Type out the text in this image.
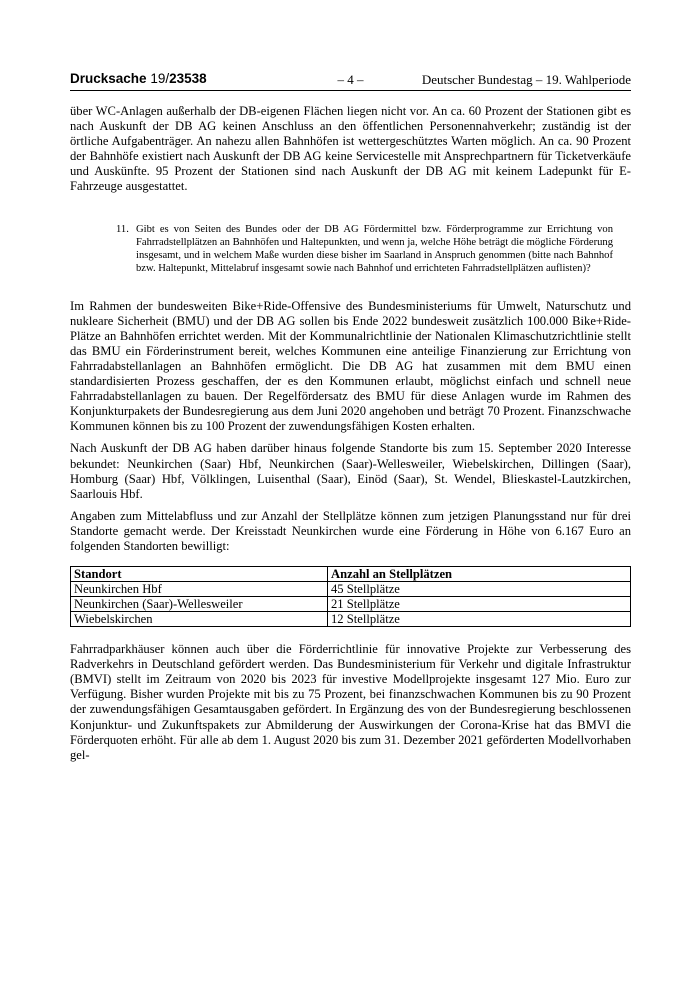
Drucksache 19/23538	– 4 –	Deutscher Bundestag – 19. Wahlperiode

über WC-Anlagen außerhalb der DB-eigenen Flächen liegen nicht vor. An ca. 60 Prozent der Stationen gibt es nach Auskunft der DB AG keinen Anschluss an den öffentlichen Personennahverkehr; zuständig ist der örtliche Aufgabenträger. An nahezu allen Bahnhöfen ist wettergeschütztes Warten möglich. An ca. 90 Prozent der Bahnhöfe existiert nach Auskunft der DB AG keine Servicestelle mit Ansprechpartnern für Ticketverkäufe und Auskünfte. 95 Prozent der Stationen sind nach Auskunft der DB AG mit keinem Ladepunkt für E-Fahrzeuge ausgestattet.

11. Gibt es von Seiten des Bundes oder der DB AG Fördermittel bzw. Förderprogramme zur Errichtung von Fahrradstellplätzen an Bahnhöfen und Haltepunkten, und wenn ja, welche Höhe beträgt die mögliche Förderung insgesamt, und in welchem Maße wurden diese bisher im Saarland in Anspruch genommen (bitte nach Bahnhof bzw. Haltepunkt, Mittelabruf insgesamt sowie nach Bahnhof und errichteten Fahrradstellplätzen auflisten)?

Im Rahmen der bundesweiten Bike+Ride-Offensive des Bundesministeriums für Umwelt, Naturschutz und nukleare Sicherheit (BMU) und der DB AG sollen bis Ende 2022 bundesweit zusätzlich 100.000 Bike+Ride-Plätze an Bahnhöfen errichtet werden. Mit der Kommunalrichtlinie der Nationalen Klimaschutzrichtlinie stellt das BMU ein Förderinstrument bereit, welches Kommunen eine anteilige Finanzierung zur Errichtung von Fahrradabstellanlagen an Bahnhöfen ermöglicht. Die DB AG hat zusammen mit dem BMU einen standardisierten Prozess geschaffen, der es den Kommunen erlaubt, möglichst einfach und schnell neue Fahrradabstellanlagen zu bauen. Der Regelfördersatz des BMU für diese Anlagen wurde im Rahmen des Konjunkturpakets der Bundesregierung aus dem Juni 2020 angehoben und beträgt 70 Prozent. Finanzschwache Kommunen können bis zu 100 Prozent der zuwendungsfähigen Kosten erhalten.

Nach Auskunft der DB AG haben darüber hinaus folgende Standorte bis zum 15. September 2020 Interesse bekundet: Neunkirchen (Saar) Hbf, Neunkirchen (Saar)-Wellesweiler, Wiebelskirchen, Dillingen (Saar), Homburg (Saar) Hbf, Völklingen, Luisenthal (Saar), Einöd (Saar), St. Wendel, Blieskastel-Lautzkirchen, Saarlouis Hbf.

Angaben zum Mittelabfluss und zur Anzahl der Stellplätze können zum jetzigen Planungsstand nur für drei Standorte gemacht werde. Der Kreisstadt Neunkirchen wurde eine Förderung in Höhe von 6.167 Euro an folgenden Standorten bewilligt:

Standort	Anzahl an Stellplätzen
Neunkirchen Hbf	45 Stellplätze
Neunkirchen (Saar)-Wellesweiler	21 Stellplätze
Wiebelskirchen	12 Stellplätze

Fahrradparkhäuser können auch über die Förderrichtlinie für innovative Projekte zur Verbesserung des Radverkehrs in Deutschland gefördert werden. Das Bundesministerium für Verkehr und digitale Infrastruktur (BMVI) stellt im Zeitraum von 2020 bis 2023 für investive Modellprojekte insgesamt 127 Mio. Euro zur Verfügung. Bisher wurden Projekte mit bis zu 75 Prozent, bei finanzschwachen Kommunen bis zu 90 Prozent der zuwendungsfähigen Gesamtausgaben gefördert. In Ergänzung des von der Bundesregierung beschlossenen Konjunktur- und Zukunftspakets zur Abmilderung der Auswirkungen der Corona-Krise hat das BMVI die Förderquoten erhöht. Für alle ab dem 1. August 2020 bis zum 31. Dezember 2021 geförderten Modellvorhaben gel-
